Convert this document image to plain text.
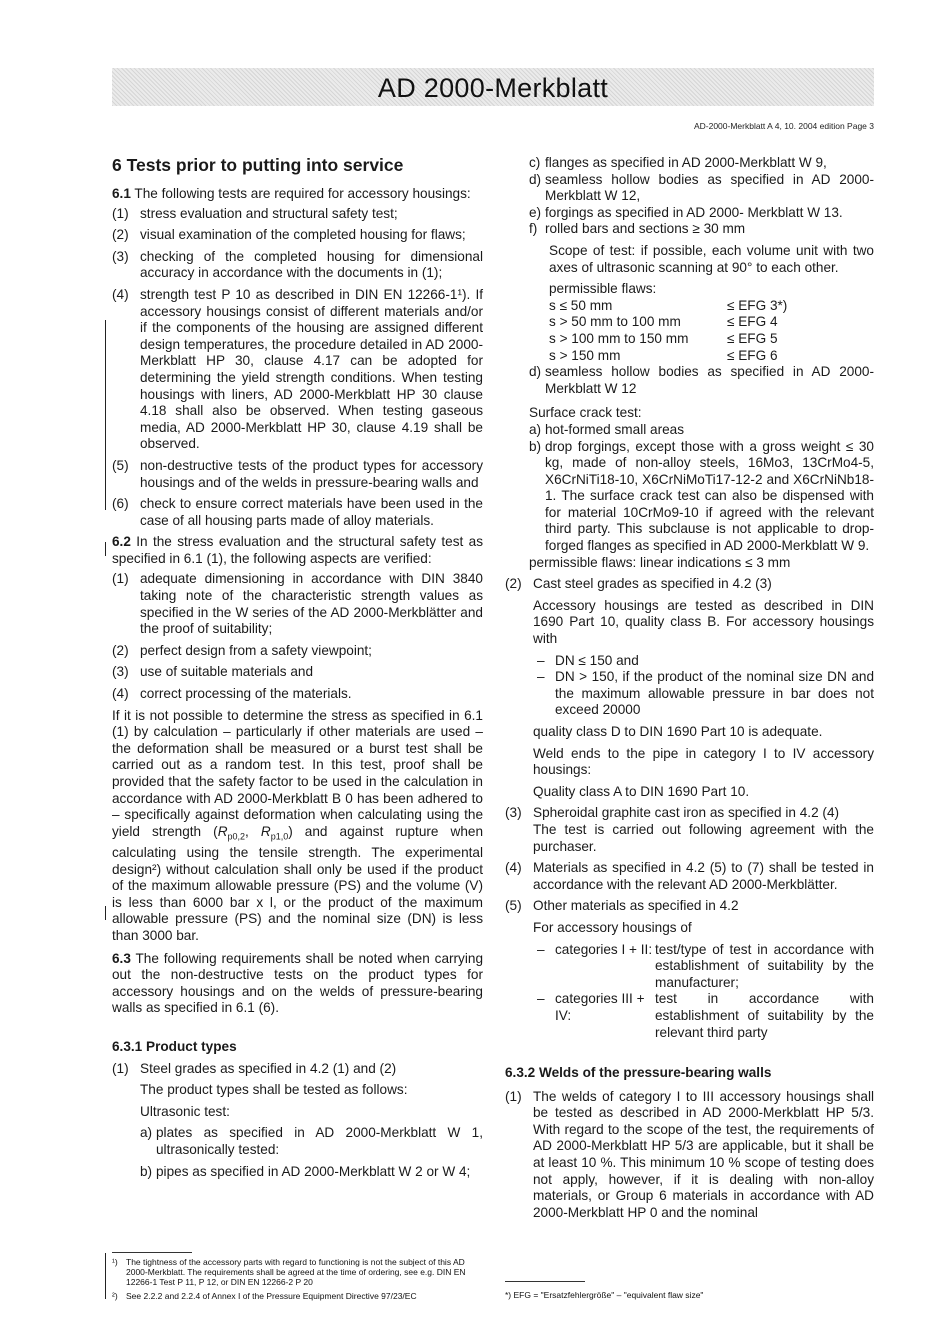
AD 2000-Merkblatt
AD-2000-Merkblatt A 4, 10. 2004 edition Page 3
6 Tests prior to putting into service

6.1 The following tests are required for accessory housings:

(1) stress evaluation and structural safety test;
(2) visual examination of the completed housing for flaws;
(3) checking of the completed housing for dimensional accuracy in accordance with the documents in (1);
(4) strength test P 10 as described in DIN EN 12266-1¹). If accessory housings consist of different materials and/or if the components of the housing are assigned different design temperatures, the procedure detailed in AD 2000-Merkblatt HP 30, clause 4.17 can be adopted for determining the yield strength conditions. When testing housings with liners, AD 2000-Merkblatt HP 30 clause 4.18 shall also be observed. When testing gaseous media, AD 2000-Merkblatt HP 30, clause 4.19 shall be observed.
(5) non-destructive tests of the product types for accessory housings and of the welds in pressure-bearing walls and
(6) check to ensure correct materials have been used in the case of all housing parts made of alloy materials.

6.2 In the stress evaluation and the structural safety test as specified in 6.1 (1), the following aspects are verified:

(1) adequate dimensioning in accordance with DIN 3840 taking note of the characteristic strength values as specified in the W series of the AD 2000-Merkblätter and the proof of suitability;
(2) perfect design from a safety viewpoint;
(3) use of suitable materials and
(4) correct processing of the materials.

If it is not possible to determine the stress as specified in 6.1 (1) by calculation – particularly if other materials are used – the deformation shall be measured or a burst test shall be carried out as a random test. In this test, proof shall be provided that the safety factor to be used in the calculation in accordance with AD 2000-Merkblatt B 0 has been adhered to – specifically against deformation when calculating using the yield strength ($R_{p0,2}$, $R_{p1,0}$) and against rupture when calculating using the tensile strength. The experimental design²) without calculation shall only be used if the product of the maximum allowable pressure (PS) and the volume (V) is less than 6000 bar x l, or the product of the maximum allowable pressure (PS) and the nominal size (DN) is less than 3000 bar.

6.3 The following requirements shall be noted when carrying out the non-destructive tests on the product types for accessory housings and on the welds of pressure-bearing walls as specified in 6.1 (6).

6.3.1 Product types
(1) Steel grades as specified in 4.2 (1) and (2)

The product types shall be tested as follows:

Ultrasonic test:

a) plates as specified in AD 2000-Merkblatt W 1, ultrasonically tested:
b) pipes as specified in AD 2000-Merkblatt W 2 or W 4;
¹) The tightness of the accessory parts with regard to functioning is not the subject of this AD 2000-Merkblatt. The requirements shall be agreed at the time of ordering, see e.g. DIN EN 12266-1 Test P 11, P 12, or DIN EN 12266-2 P 20
²) See 2.2.2 and 2.2.4 of Annex I of the Pressure Equipment Directive 97/23/EC
c) flanges as specified in AD 2000-Merkblatt W 9,
d) seamless hollow bodies as specified in AD 2000-Merkblatt W 12,
e) forgings as specified in AD 2000- Merkblatt W 13.
f) rolled bars and sections ≥ 30 mm

Scope of test: if possible, each volume unit with two axes of ultrasonic scanning at 90° to each other.

permissible flaws:

s ≤ 50 mm	≤ EFG 3*)
s > 50 mm to 100 mm	≤ EFG 4
s > 100 mm to 150 mm	≤ EFG 5
s > 150 mm	≤ EFG 6
d) seamless hollow bodies as specified in AD 2000-Merkblatt W 12

Surface crack test:

a) hot-formed small areas
b) drop forgings, except those with a gross weight ≤ 30 kg, made of non-alloy steels, 16Mo3, 13CrMo4-5, X6CrNiTi18-10, X6CrNiMoTi17-12-2 and X6CrNiNb18-1. The surface crack test can also be dispensed with for material 10CrMo9-10 if agreed with the relevant third party. This subclause is not applicable to drop-forged flanges as specified in AD 2000-Merkblatt W 9.

permissible flaws: linear indications ≤ 3 mm

(2) Cast steel grades as specified in 4.2 (3)

Accessory housings are tested as described in DIN 1690 Part 10, quality class B. For accessory housings with

– DN ≤ 150 and
– DN > 150, if the product of the nominal size DN and the maximum allowable pressure in bar does not exceed 20000

quality class D to DIN 1690 Part 10 is adequate.

Weld ends to the pipe in category I to IV accessory housings:

Quality class A to DIN 1690 Part 10.

(3) Spheroidal graphite cast iron as specified in 4.2 (4)

The test is carried out following agreement with the purchaser.

(4) Materials as specified in 4.2 (5) to (7) shall be tested in accordance with the relevant AD 2000-Merkblätter.
(5) Other materials as specified in 4.2

For accessory housings of

– categories I + II: test/type of test in accordance with establishment of suitability by the manufacturer;
– categories III + IV:
test in accordance with establishment of suitability by the relevant third party
6.3.2 Welds of the pressure-bearing walls
(1) The welds of category I to III accessory housings shall be tested as described in AD 2000-Merkblatt HP 5/3. With regard to the scope of the test, the requirements of AD 2000-Merkblatt HP 5/3 are applicable, but it shall be at least 10 %. This minimum 10 % scope of testing does not apply, however, if it is dealing with non-alloy materials, or Group 6 materials in accordance with AD 2000-Merkblatt HP 0 and the nominal
*) EFG = "Ersatzfehlergröße" – "equivalent flaw size"
